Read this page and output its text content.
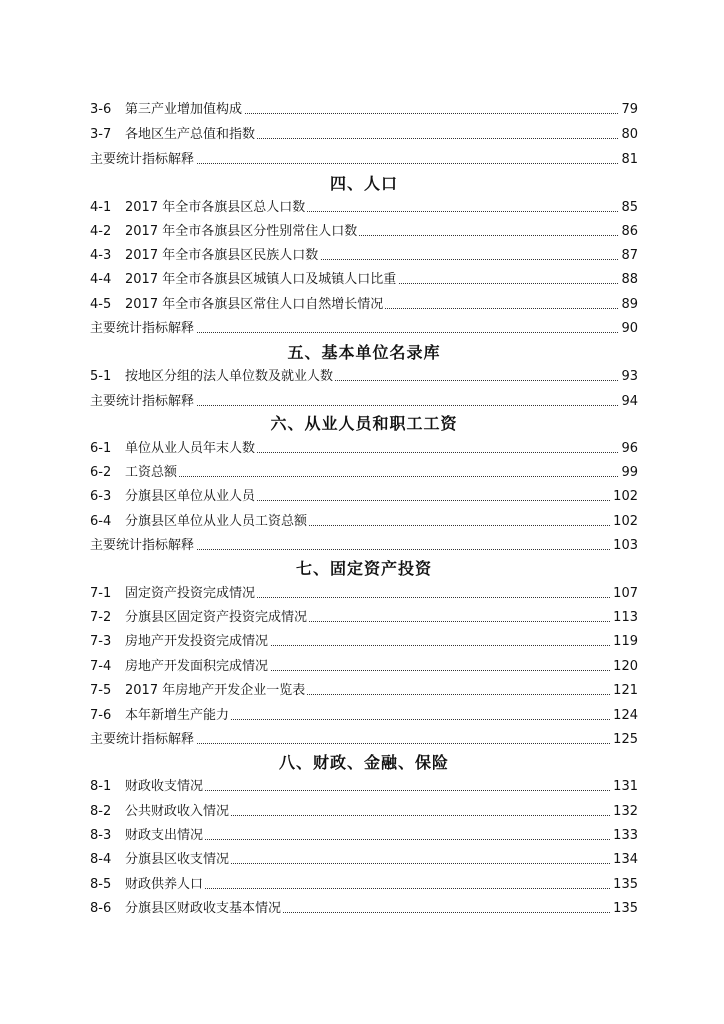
3-6 第三产业增加值构成	79
3-7 各地区生产总值和指数	80
主要统计指标解释	81
四、人口
4-1 2017 年全市各旗县区总人口数	85
4-2 2017 年全市各旗县区分性别常住人口数	86
4-3 2017 年全市各旗县区民族人口数	87
4-4 2017 年全市各旗县区城镇人口及城镇人口比重	88
4-5 2017 年全市各旗县区常住人口自然增长情况	89
主要统计指标解释	90
五、基本单位名录库
5-1 按地区分组的法人单位数及就业人数	93
主要统计指标解释	94
六、从业人员和职工工资
6-1 单位从业人员年末人数	96
6-2 工资总额	99
6-3 分旗县区单位从业人员	102
6-4 分旗县区单位从业人员工资总额	102
主要统计指标解释	103
七、固定资产投资
7-1 固定资产投资完成情况	107
7-2 分旗县区固定资产投资完成情况	113
7-3 房地产开发投资完成情况	119
7-4 房地产开发面积完成情况	120
7-5 2017 年房地产开发企业一览表	121
7-6 本年新增生产能力	124
主要统计指标解释	125
八、财政、金融、保险
8-1 财政收支情况	131
8-2 公共财政收入情况	132
8-3 财政支出情况	133
8-4 分旗县区收支情况	134
8-5 财政供养人口	135
8-6 分旗县区财政收支基本情况	135
